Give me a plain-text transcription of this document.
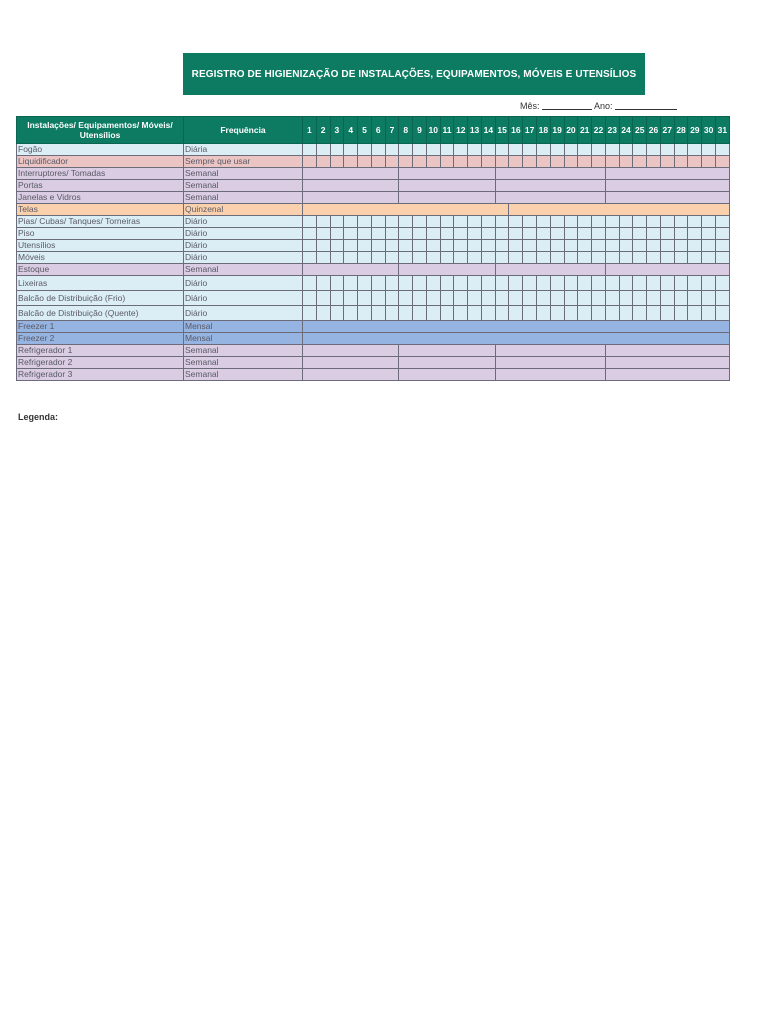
REGISTRO DE HIGIENIZAÇÃO DE INSTALAÇÕES, EQUIPAMENTOS, MÓVEIS E UTENSÍLIOS
Mês:	Ano:
Instalações/ Equipamentos/ Móveis/ Utensílios	Frequência	1	2	3	4	5	6	7	8	9	10	11	12	13	14	15	16	17	18	19	20	21	22	23	24	25	26	27	28	29	30	31
Fogão	Diária																															
Liquidificador	Sempre que usar																															
Interruptores/ Tomadas	Semanal																															
Portas	Semanal																															
Janelas e Vidros	Semanal																															
Telas	Quinzenal																															
Pias/ Cubas/ Tanques/ Torneiras	Diário																															
Piso	Diário																															
Utensílios	Diário																															
Móveis	Diário																															
Estoque	Semanal																															
Lixeiras	Diário																															
Balcão de Distribuição (Frio)	Diário																															
Balcão de Distribuição (Quente)	Diário																															
Freezer 1	Mensal																															
Freezer 2	Mensal																															
Refrigerador 1	Semanal																															
Refrigerador 2	Semanal																															
Refrigerador 3	Semanal																															
Legenda:
